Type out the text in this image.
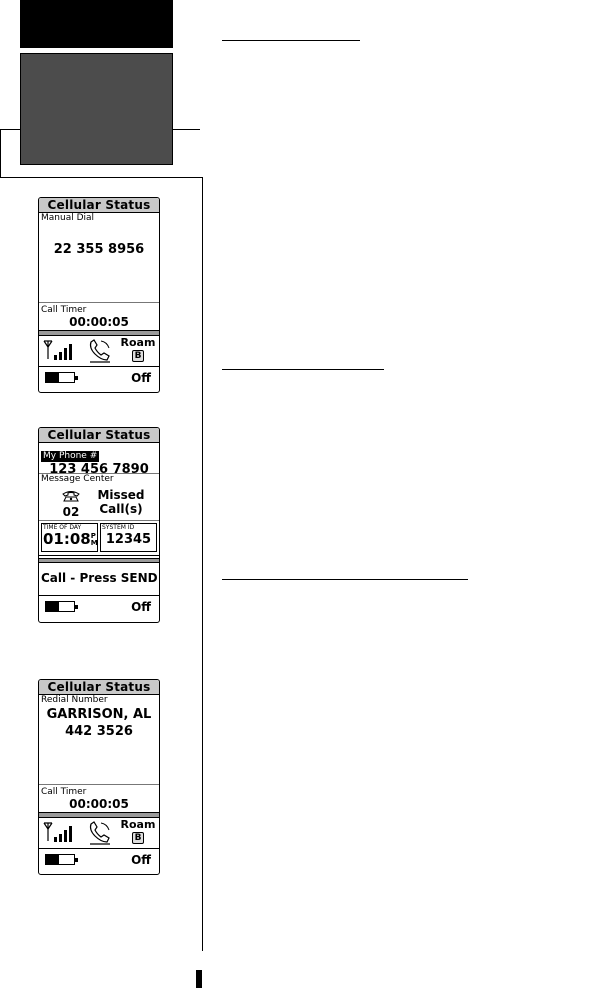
Cellular Status
Manual Dial
22 355 8956
Call Timer
00:00:05
Roam
B
Off
Cellular Status
My Phone #
123 456 7890
Message Center
02
Missed
Call(s)
TIME OF DAY
01:08 P
M
SYSTEM ID
12345
Call - Press SEND
Off
Cellular Status
Redial Number
GARRISON, AL
442 3526
Call Timer
00:00:05
Roam
B
Off
